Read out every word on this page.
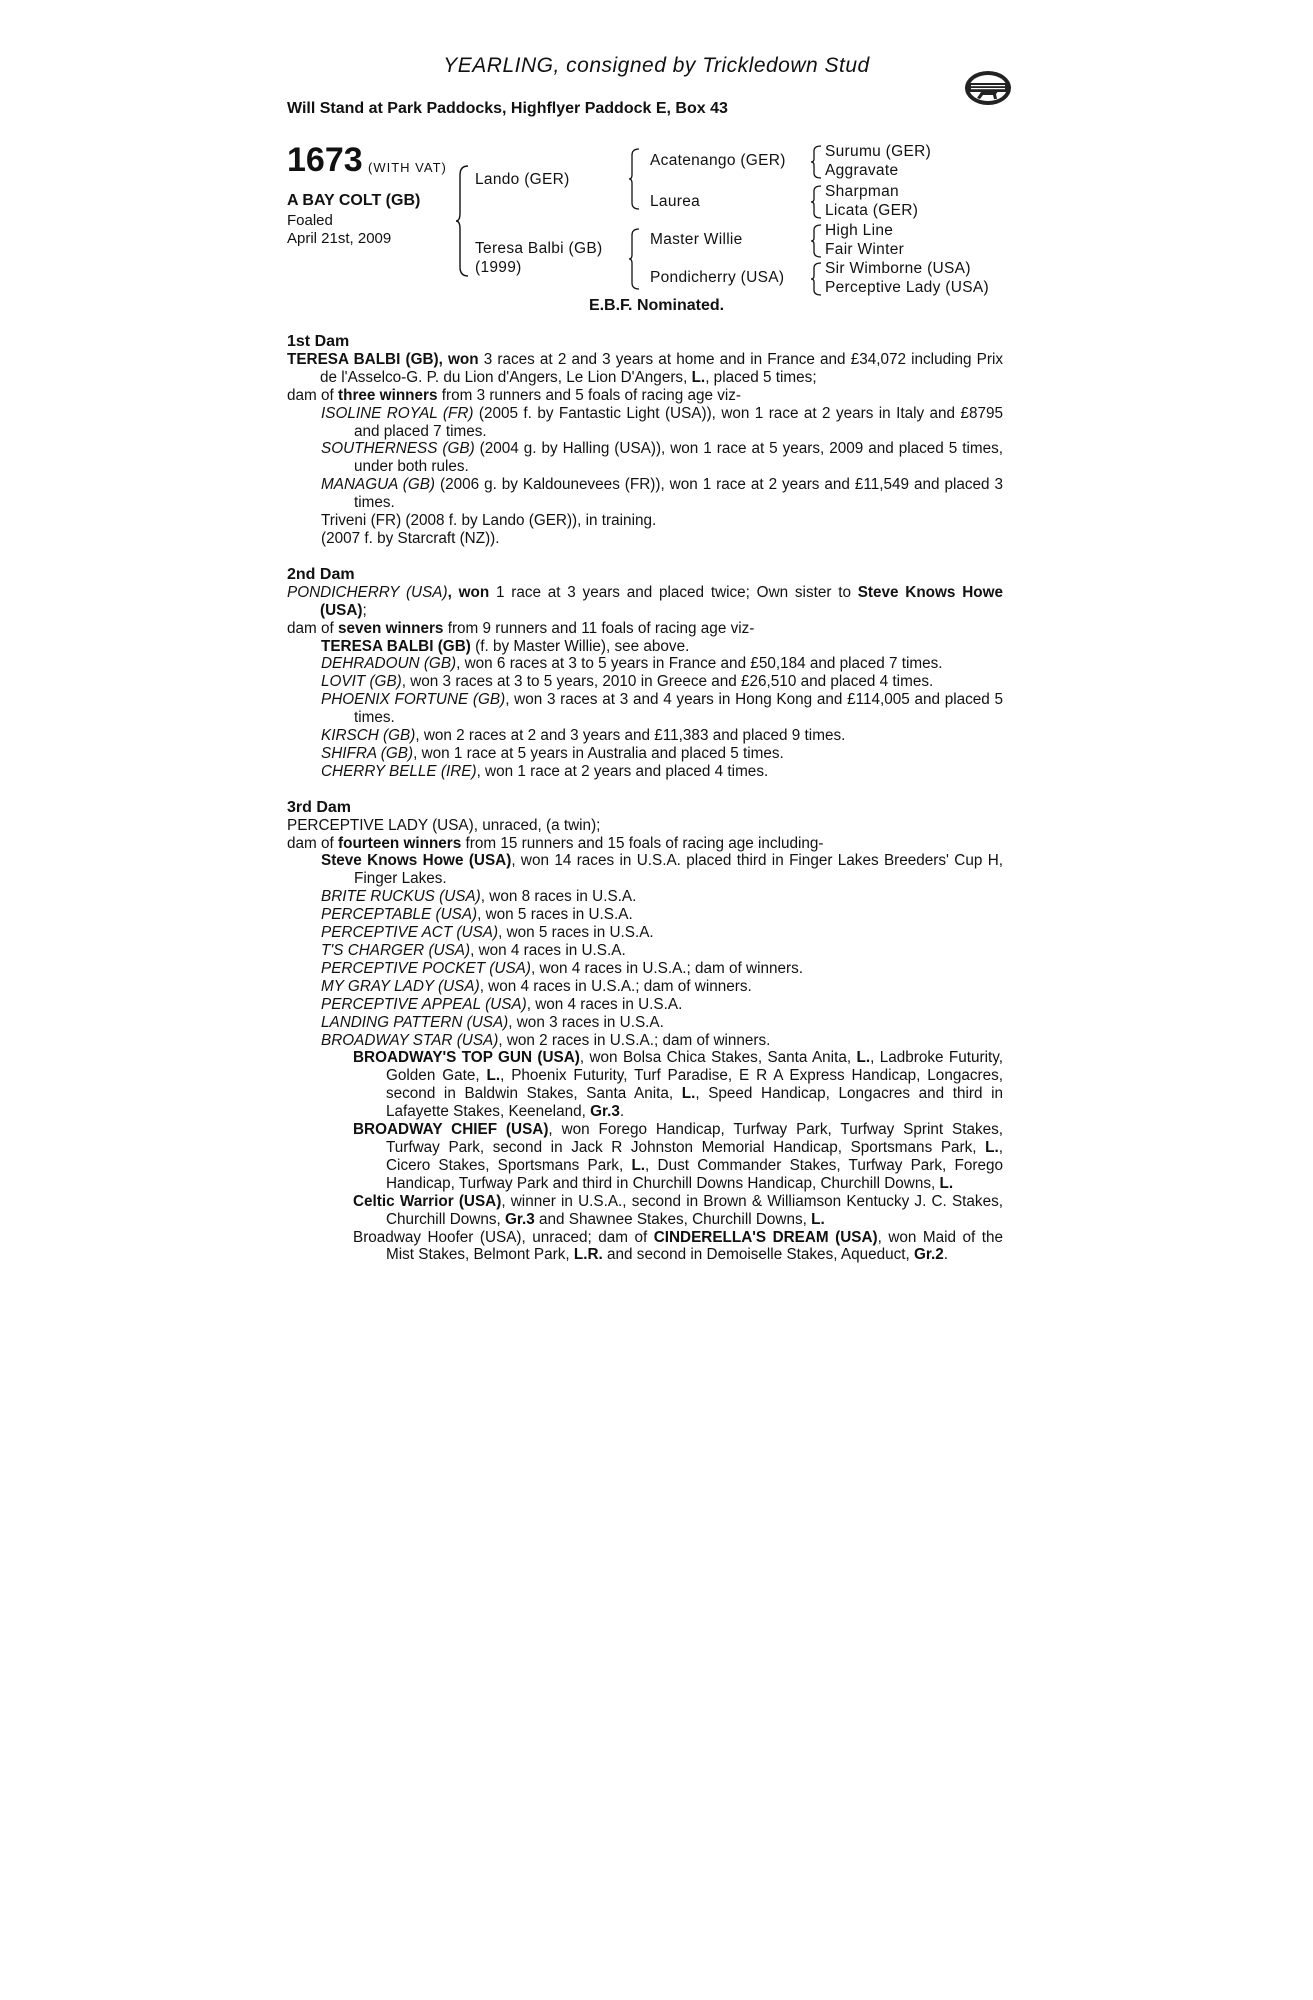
YEARLING, consigned by Trickledown Stud
Will Stand at Park Paddocks, Highflyer Paddock E, Box 43
1673 (WITH VAT)
A BAY COLT (GB)
Foaled
April 21st, 2009
Lando (GER)
Teresa Balbi (GB)
(1999)
Acatenango (GER)
Laurea
Master Willie
Pondicherry (USA)
Surumu (GER)
Aggravate
Sharpman
Licata (GER)
High Line
Fair Winter
Sir Wimborne (USA)
Perceptive Lady (USA)
E.B.F. Nominated.

1st Dam

TERESA BALBI (GB), won 3 races at 2 and 3 years at home and in France and £34,072 including Prix de l'Asselco-G. P. du Lion d'Angers, Le Lion D'Angers, L., placed 5 times;

dam of three winners from 3 runners and 5 foals of racing age viz-

ISOLINE ROYAL (FR) (2005 f. by Fantastic Light (USA)), won 1 race at 2 years in Italy and £8795 and placed 7 times.

SOUTHERNESS (GB) (2004 g. by Halling (USA)), won 1 race at 5 years, 2009 and placed 5 times, under both rules.

MANAGUA (GB) (2006 g. by Kaldounevees (FR)), won 1 race at 2 years and £11,549 and placed 3 times.

Triveni (FR) (2008 f. by Lando (GER)), in training.

(2007 f. by Starcraft (NZ)).

2nd Dam

PONDICHERRY (USA), won 1 race at 3 years and placed twice; Own sister to Steve Knows Howe (USA);

dam of seven winners from 9 runners and 11 foals of racing age viz-

TERESA BALBI (GB) (f. by Master Willie), see above.

DEHRADOUN (GB), won 6 races at 3 to 5 years in France and £50,184 and placed 7 times.

LOVIT (GB), won 3 races at 3 to 5 years, 2010 in Greece and £26,510 and placed 4 times.

PHOENIX FORTUNE (GB), won 3 races at 3 and 4 years in Hong Kong and £114,005 and placed 5 times.

KIRSCH (GB), won 2 races at 2 and 3 years and £11,383 and placed 9 times.

SHIFRA (GB), won 1 race at 5 years in Australia and placed 5 times.

CHERRY BELLE (IRE), won 1 race at 2 years and placed 4 times.

3rd Dam

PERCEPTIVE LADY (USA), unraced, (a twin);

dam of fourteen winners from 15 runners and 15 foals of racing age including-

Steve Knows Howe (USA), won 14 races in U.S.A. placed third in Finger Lakes Breeders' Cup H, Finger Lakes.

BRITE RUCKUS (USA), won 8 races in U.S.A.

PERCEPTABLE (USA), won 5 races in U.S.A.

PERCEPTIVE ACT (USA), won 5 races in U.S.A.

T'S CHARGER (USA), won 4 races in U.S.A.

PERCEPTIVE POCKET (USA), won 4 races in U.S.A.; dam of winners.

MY GRAY LADY (USA), won 4 races in U.S.A.; dam of winners.

PERCEPTIVE APPEAL (USA), won 4 races in U.S.A.

LANDING PATTERN (USA), won 3 races in U.S.A.

BROADWAY STAR (USA), won 2 races in U.S.A.; dam of winners.

BROADWAY'S TOP GUN (USA), won Bolsa Chica Stakes, Santa Anita, L., Ladbroke Futurity, Golden Gate, L., Phoenix Futurity, Turf Paradise, E R A Express Handicap, Longacres, second in Baldwin Stakes, Santa Anita, L., Speed Handicap, Longacres and third in Lafayette Stakes, Keeneland, Gr.3.

BROADWAY CHIEF (USA), won Forego Handicap, Turfway Park, Turfway Sprint Stakes, Turfway Park, second in Jack R Johnston Memorial Handicap, Sportsmans Park, L., Cicero Stakes, Sportsmans Park, L., Dust Commander Stakes, Turfway Park, Forego Handicap, Turfway Park and third in Churchill Downs Handicap, Churchill Downs, L.

Celtic Warrior (USA), winner in U.S.A., second in Brown & Williamson Kentucky J. C. Stakes, Churchill Downs, Gr.3 and Shawnee Stakes, Churchill Downs, L.

Broadway Hoofer (USA), unraced; dam of CINDERELLA'S DREAM (USA), won Maid of the Mist Stakes, Belmont Park, L.R. and second in Demoiselle Stakes, Aqueduct, Gr.2.
